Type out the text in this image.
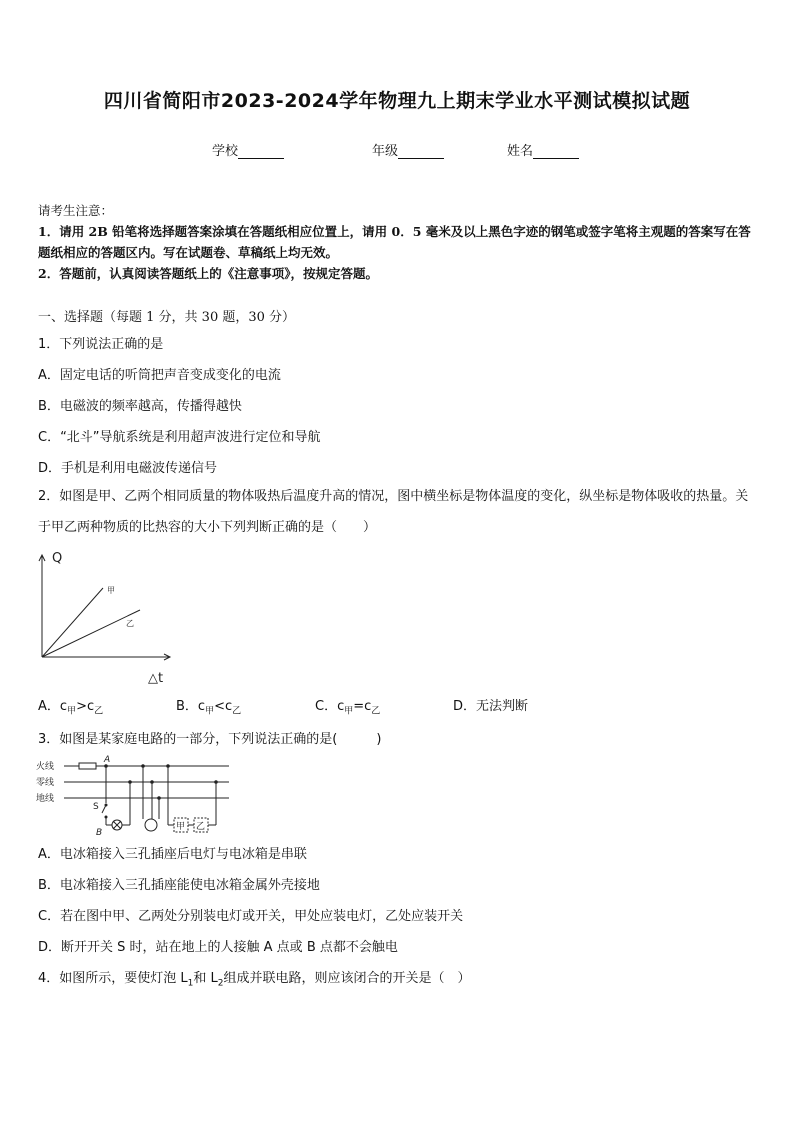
四川省简阳市2023-2024学年物理九上期末学业水平测试模拟试题
学校	年级	姓名
请考生注意：
1．请用 2B 铅笔将选择题答案涂填在答题纸相应位置上，请用 0．5 毫米及以上黑色字迹的钢笔或签字笔将主观题的答案写在答题纸相应的答题区内。写在试题卷、草稿纸上均无效。
2．答题前，认真阅读答题纸上的《注意事项》，按规定答题。
一、选择题（每题 1 分，共 30 题，30 分）
1．下列说法正确的是
A．固定电话的听筒把声音变成变化的电流
B．电磁波的频率越高，传播得越快
C．“北斗”导航系统是利用超声波进行定位和导航
D．手机是利用电磁波传递信号
2．如图是甲、乙两个相同质量的物体吸热后温度升高的情况，图中横坐标是物体温度的变化，纵坐标是物体吸收的热量。关于甲乙两种物质的比热容的大小下列判断正确的是（　　）
Q
甲
乙
△t
A．$c_甲>c_乙$	B．$c_甲<c_乙$	C．$c_甲=c_乙$	D．无法判断
3．如图是某家庭电路的一部分，下列说法正确的是(　　　)
火线
零线
地线
A
B
S
甲 乙
A．电冰箱接入三孔插座后电灯与电冰箱是串联
B．电冰箱接入三孔插座能使电冰箱金属外壳接地
C．若在图中甲、乙两处分别装电灯或开关，甲处应装电灯，乙处应装开关
D．断开开关 S 时，站在地上的人接触 A 点或 B 点都不会触电
4．如图所示，要使灯泡 $L_1$和 $L_2$组成并联电路，则应该闭合的开关是（　）
